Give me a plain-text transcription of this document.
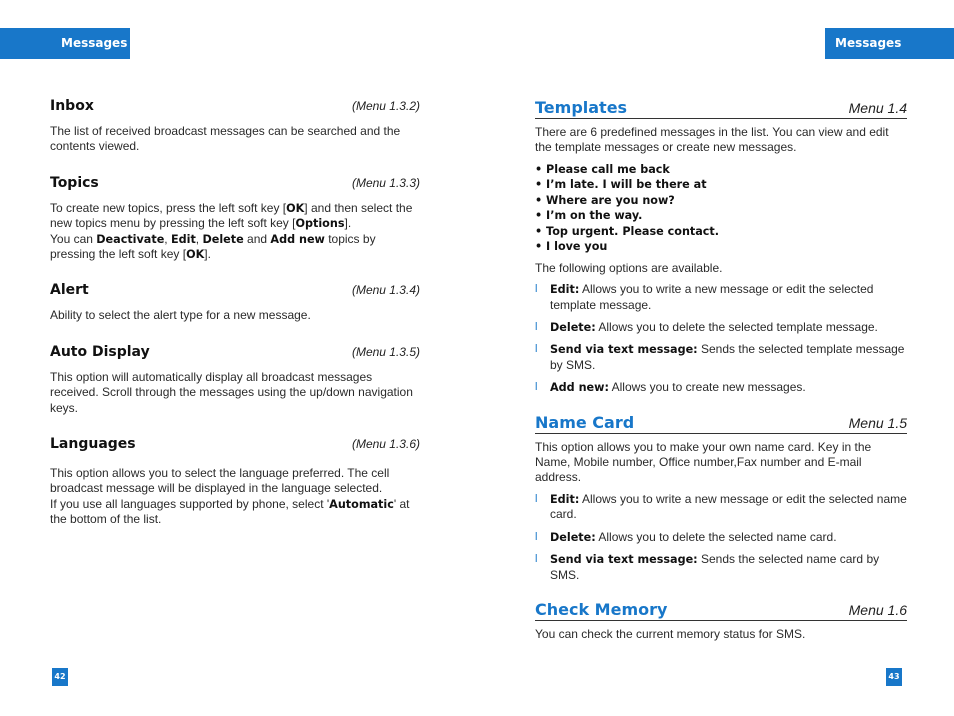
Messages	Messages
Inbox	(Menu 1.3.2)

The list of received broadcast messages can be searched and the contents viewed.

Topics	(Menu 1.3.3)

To create new topics, press the left soft key [OK] and then select the new topics menu by pressing the left soft key [Options].
You can Deactivate, Edit, Delete and Add new topics by pressing the left soft key [OK].

Alert	(Menu 1.3.4)

Ability to select the alert type for a new message.

Auto Display	(Menu 1.3.5)

This option will automatically display all broadcast messages received. Scroll through the messages using the up/down navigation keys.

Languages	(Menu 1.3.6)

This option allows you to select the language preferred. The cell broadcast message will be displayed in the language selected.
If you use all languages supported by phone, select 'Automatic' at the bottom of the list.

Templates	Menu 1.4

There are 6 predefined messages in the list. You can view and edit the template messages or create new messages.

• Please call me back
• I’m late. I will be there at
• Where are you now?
• I’m on the way.
• Top urgent. Please contact.
• I love you

The following options are available.

l Edit: Allows you to write a new message or edit the selected template message.
l Delete: Allows you to delete the selected template message.
l Send via text message: Sends the selected template message by SMS.
l Add new: Allows you to create new messages.
Name Card	Menu 1.5

This option allows you to make your own name card. Key in the Name, Mobile number, Office number,Fax number and E-mail address.

l Edit: Allows you to write a new message or edit the selected name card.
l Delete: Allows you to delete the selected name card.
l Send via text message: Sends the selected name card by SMS.
Check Memory	Menu 1.6

You can check the current memory status for SMS.

42	43
